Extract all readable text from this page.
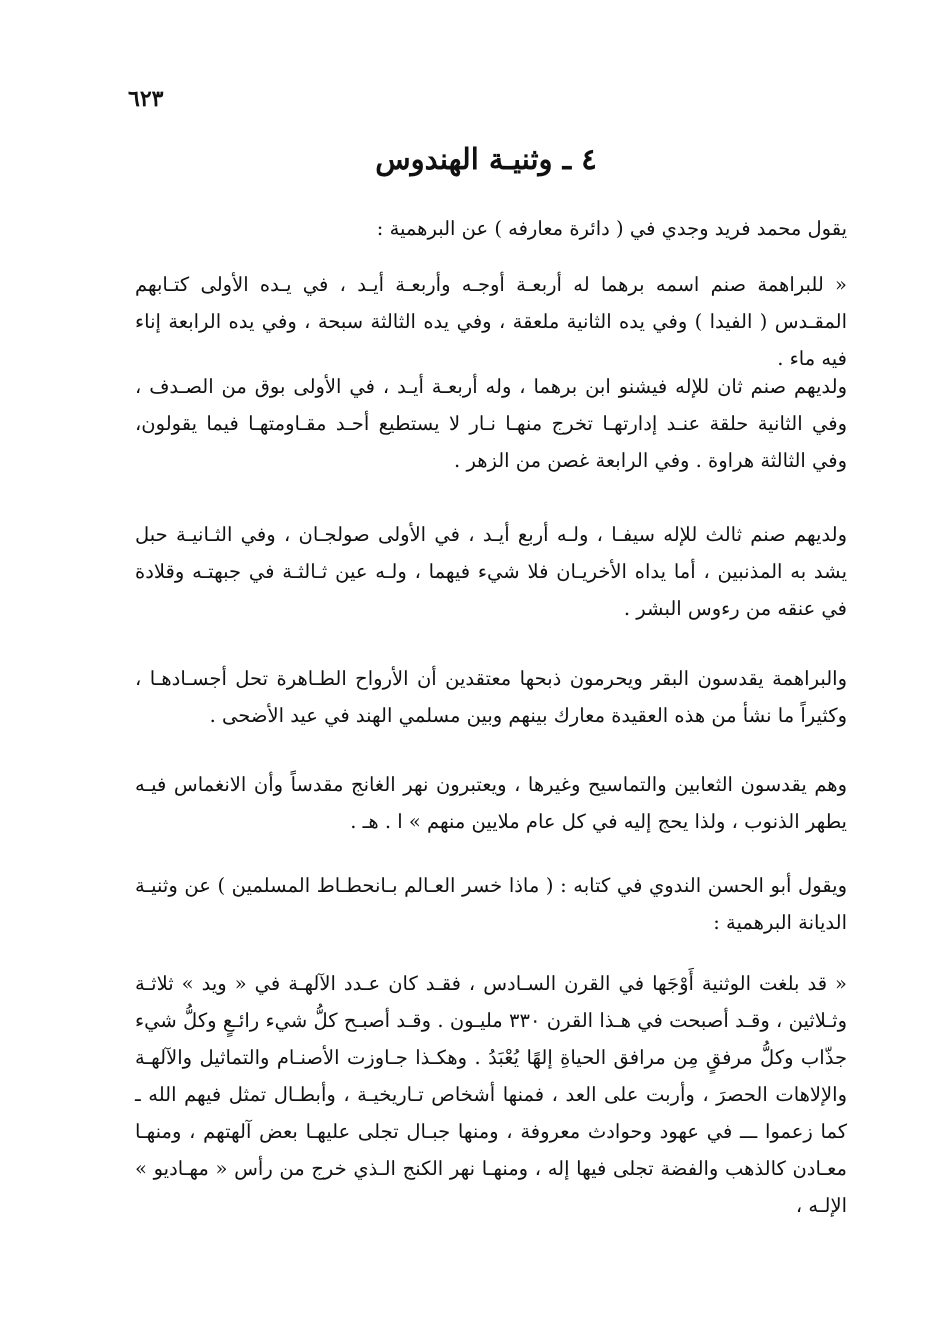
٦٢٣
٤ ـ وثنيـة الهندوس

يقول محمد فريد وجدي في ( دائرة معارفه ) عن البرهمية :

« للبراهمة صنم اسمه برهما له أربعـة أوجـه وأربعـة أيـد ، في يـده الأولى كتـابهم المقـدس ( الفيدا ) وفي يده الثانية ملعقة ، وفي يده الثالثة سبحة ، وفي يده الرابعة إناء فيه ماء .

ولديهم صنم ثان للإله فيشنو ابن برهما ، وله أربعـة أيـد ، في الأولى بوق من الصـدف ، وفي الثانية حلقة عنـد إدارتهـا تخرج منهـا نـار لا يستطيع أحـد مقـاومتهـا فيما يقولون، وفي الثالثة هراوة . وفي الرابعة غصن من الزهر .

ولديهم صنم ثالث للإله سيفـا ، ولـه أربع أيـد ، في الأولى صولجـان ، وفي الثـانيـة حبل يشد به المذنبين ، أما يداه الأخريـان فلا شيء فيهما ، ولـه عين ثـالثـة في جبهتـه وقلادة في عنقه من رءوس البشر .

والبراهمة يقدسون البقر ويحرمون ذبحها معتقدين أن الأرواح الطـاهرة تحل أجسـادهـا ، وكثيراً ما نشأ من هذه العقيدة معارك بينهم وبين مسلمي الهند في عيد الأضحى .

وهم يقدسون الثعابين والتماسيح وغيرها ، ويعتبرون نهر الغانج مقدساً وأن الانغماس فيـه يطهر الذنوب ، ولذا يحج إليه في كل عام ملايين منهم » ا . هـ .

ويقول أبو الحسن الندوي في كتابه : ( ماذا خسر العـالم بـانحطـاط المسلمين ) عن وثنيـة الديانة البرهمية :

« قد بلغت الوثنية أَوْجَها في القرن السـادس ، فقـد كان عـدد الآلهـة في « ويد » ثلاثـة وثـلاثين ، وقـد أصبحت في هـذا القرن ٣٣٠ مليـون . وقـد أصبـح كلُّ شيء رائـعٍ وكلُّ شيء جذّاب وكلُّ مرفقٍ مِن مرافق الحياةِ إلهًا يُعْبَدُ . وهكـذا جـاوزت الأصنـام والتماثيل والآلهـة والإلاهات الحصرَ ، وأربت على العد ، فمنها أشخاص تـاريخيـة ، وأبطـال تمثل فيهم الله ـ كما زعموا ـــ في عهود وحوادث معروفة ، ومنها جبـال تجلى عليهـا بعض آلهتهم ، ومنهـا معـادن كالذهب والفضة تجلى فيها إله ، ومنهـا نهر الكنج الـذي خرج من رأس « مهـاديو » الإلـه ،
